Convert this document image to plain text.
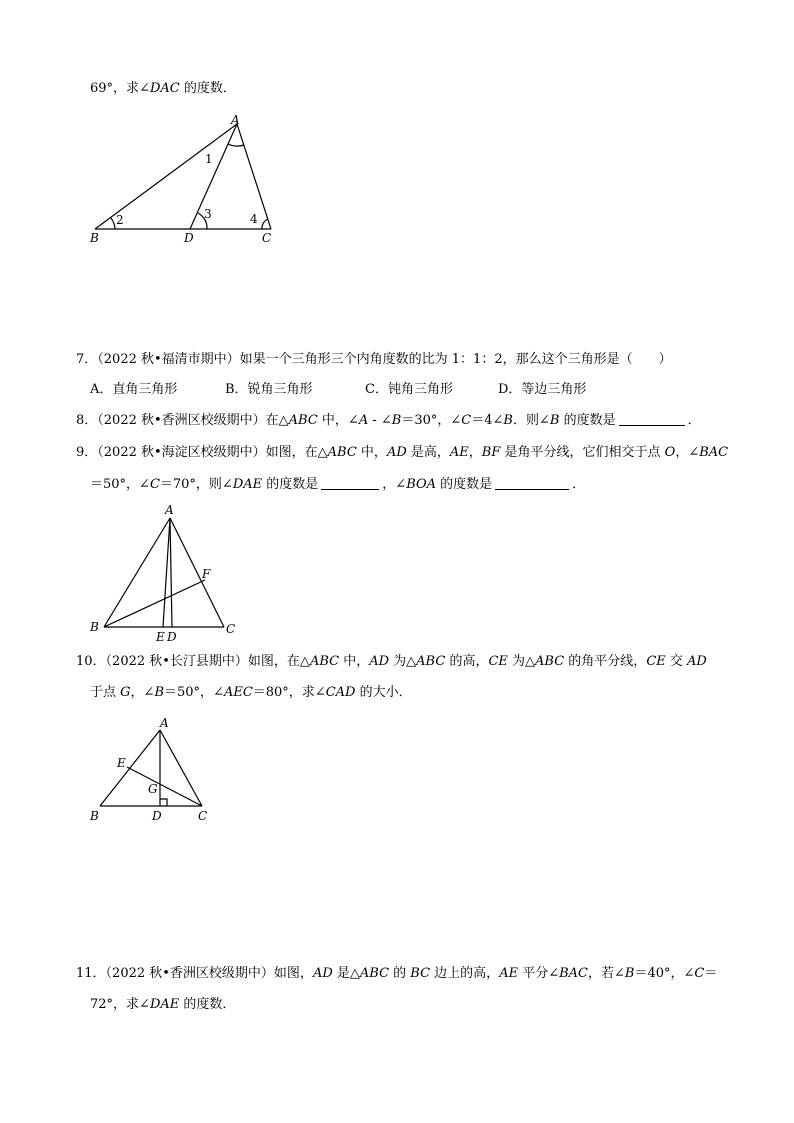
69°，求∠DAC 的度数．
A
B	D	C
1
2	3	4
7．（2022 秋•福清市期中）如果一个三角形三个内角度数的比为 1：1：2，那么这个三角形是（　　）
A．直角三角形	B．锐角三角形	C．钝角三角形	D．等边三角形
8．（2022 秋•香洲区校级期中）在△ABC 中，∠A - ∠B＝30°，∠C＝4∠B．则∠B 的度数是	．
9．（2022 秋•海淀区校级期中）如图，在△ABC 中，AD 是高，AE，BF 是角平分线，它们相交于点 O，∠BAC
＝50°，∠C＝70°，则∠DAE 的度数是	，∠BOA 的度数是	．
A
B	C
E D
F
10．（2022 秋•长汀县期中）如图，在△ABC 中，AD 为△ABC 的高，CE 为△ABC 的角平分线，CE 交 AD
于点 G，∠B＝50°，∠AEC＝80°，求∠CAD 的大小．
A
E
G
B	D	C
11．（2022 秋•香洲区校级期中）如图，AD 是△ABC 的 BC 边上的高，AE 平分∠BAC，若∠B＝40°，∠C＝
72°，求∠DAE 的度数．
